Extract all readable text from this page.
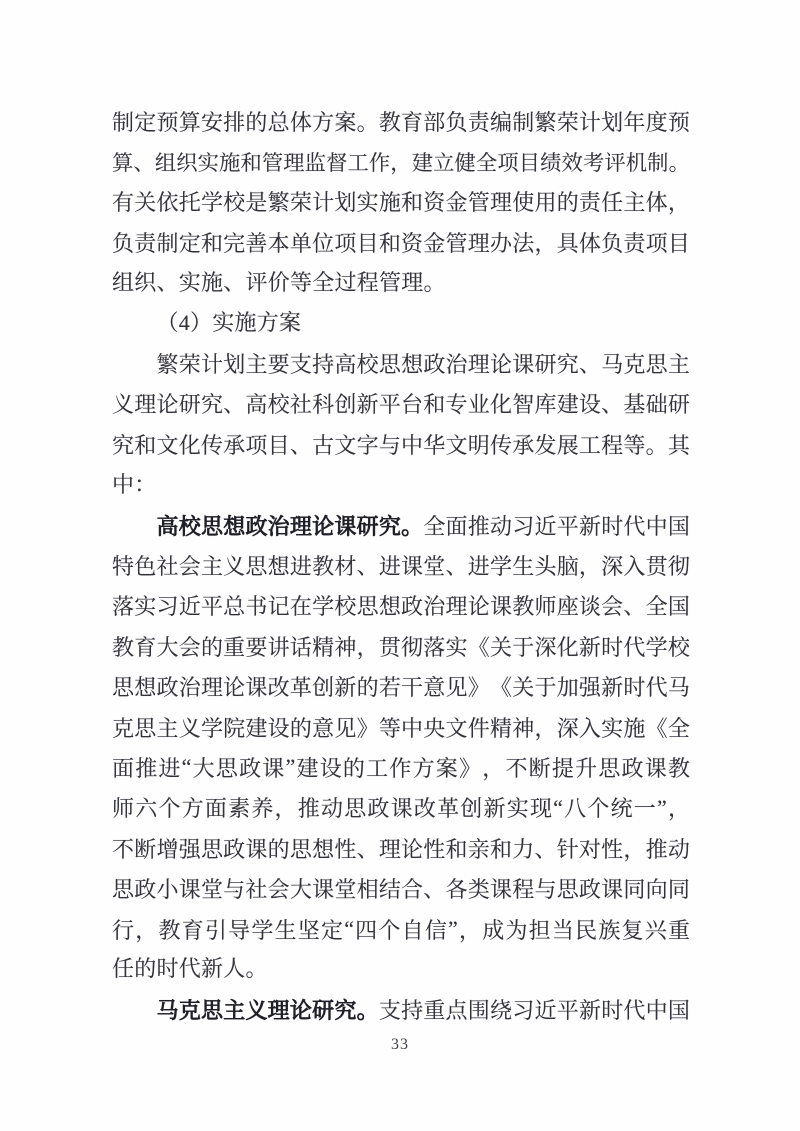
制 定 预 算 安 排 的 总 体 方 案 。 教 育 部 负 责 编 制 繁 荣 计 划 年 度 预
算 、 组 织 实 施 和 管 理 监 督 工 作 ， 建 立 健 全 项 目 绩 效 考 评 机 制 。
有 关 依 托 学 校 是 繁 荣 计 划 实 施 和 资 金 管 理 使 用 的 责 任 主 体 ，
负 责 制 定 和 完 善 本 单 位 项 目 和 资 金 管 理 办 法 ， 具 体 负 责 项 目
组织、实施、评价等全过程管理。
（4）实施方案
繁 荣 计 划 主 要 支 持 高 校 思 想 政 治 理 论 课 研 究 、 马 克 思 主
义 理 论 研 究 、 高 校 社 科 创 新 平 台 和 专 业 化 智 库 建 设 、 基 础 研
究 和 文 化 传 承 项 目 、 古 文 字 与 中 华 文 明 传 承 发 展 工 程 等 。 其
中：
高 校 思 想 政 治 理 论 课 研 究 。 全 面 推 动 习 近 平 新 时 代 中 国
特 色 社 会 主 义 思 想 进 教 材 、 进 课 堂 、 进 学 生 头 脑 ， 深 入 贯 彻
落 实 习 近 平 总 书 记 在 学 校 思 想 政 治 理 论 课 教 师 座 谈 会 、 全 国
教 育 大 会 的 重 要 讲 话 精 神 ， 贯 彻 落 实 《 关 于 深 化 新 时 代 学 校
思 想 政 治 理 论 课 改 革 创 新 的 若 干 意 见 》 《 关 于 加 强 新 时 代 马
克 思 主 义 学 院 建 设 的 意 见 》 等 中 央 文 件 精 神 ， 深 入 实 施 《 全
面 推 进 “ 大 思 政 课 ” 建 设 的 工 作 方 案 》 ， 不 断 提 升 思 政 课 教
师 六 个 方 面 素 养 ， 推 动 思 政 课 改 革 创 新 实 现 “ 八 个 统 一 ” ，
不 断 增 强 思 政 课 的 思 想 性 、 理 论 性 和 亲 和 力 、 针 对 性 ， 推 动
思 政 小 课 堂 与 社 会 大 课 堂 相 结 合 、 各 类 课 程 与 思 政 课 同 向 同
行 ， 教 育 引 导 学 生 坚 定 “ 四 个 自 信 ” ， 成 为 担 当 民 族 复 兴 重
任的时代新人。
马 克 思 主 义 理 论 研 究 。 支 持 重 点 围 绕 习 近 平 新 时 代 中 国
33
